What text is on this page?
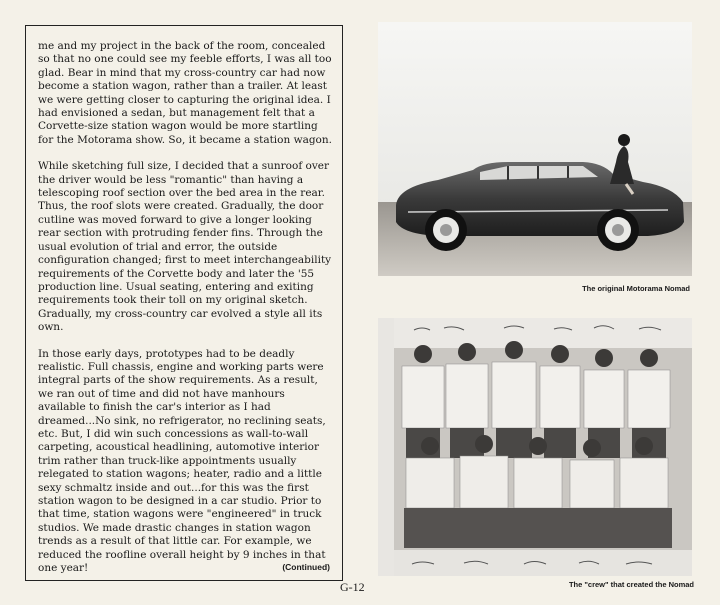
me and my project in the back of the room, concealed so that no one could see my feeble efforts, I was all too glad. Bear in mind that my cross-country car had now become a station wagon, rather than a trailer. At least we were getting closer to capturing the original idea. I had envisioned a sedan, but management felt that a Corvette-size station wagon would be more startling for the Motorama show. So, it became a station wagon.

While sketching full size, I decided that a sunroof over the driver would be less "romantic" than having a telescoping roof section over the bed area in the rear. Thus, the roof slots were created. Gradually, the door cutline was moved forward to give a longer looking rear section with protruding fender fins. Through the usual evolution of trial and error, the outside configuration changed; first to meet interchangeability requirements of the Corvette body and later the '55 production line. Usual seating, entering and exiting requirements took their toll on my original sketch. Gradually, my cross-country car evolved a style all its own.

In those early days, prototypes had to be deadly realistic. Full chassis, engine and working parts were integral parts of the show requirements. As a result, we ran out of time and did not have manhours available to finish the car's interior as I had dreamed...No sink, no refrigerator, no reclining seats, etc. But, I did win such concessions as wall-to-wall carpeting, acoustical headlining, automotive interior trim rather than truck-like appointments usually relegated to station wagons; heater, radio and a little sexy schmaltz inside and out...for this was the first station wagon to be designed in a car studio. Prior to that time, station wagons were "engineered" in truck studios. We made drastic changes in station wagon trends as a result of that little car. For example, we reduced the roofline overall height by 9 inches in that one year!	(Continued)
The original Motorama Nomad
The "crew" that created the Nomad
G-12
